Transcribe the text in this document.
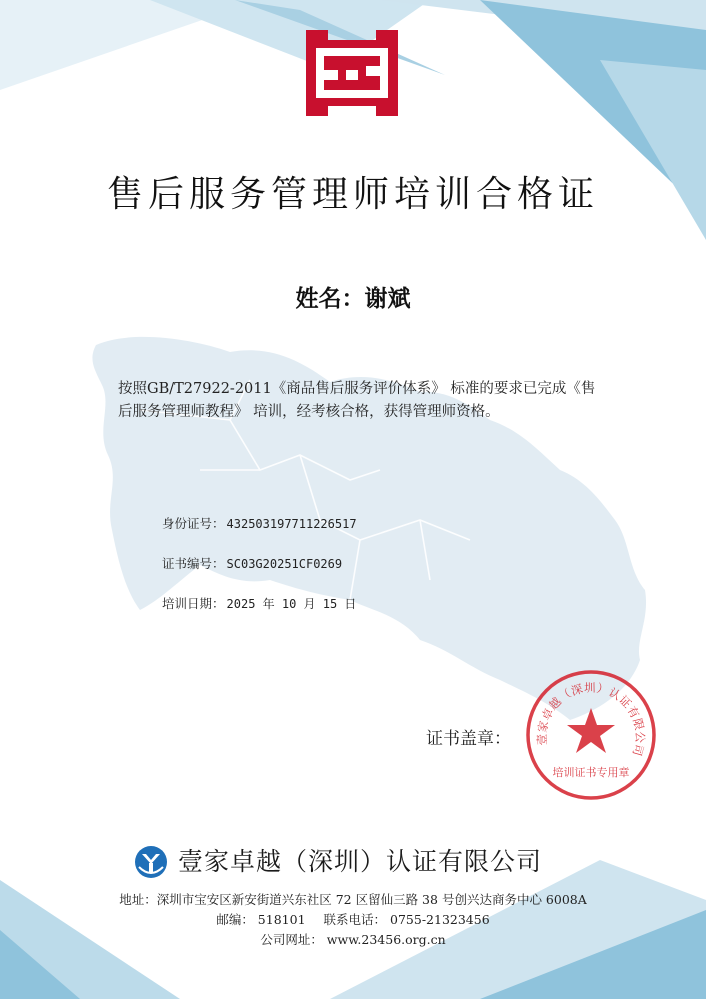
售后服务管理师培训合格证
姓名：谢斌
按照GB/T27922-2011《商品售后服务评价体系》 标准的要求已完成《售后服务管理师教程》 培训，经考核合格，获得管理师资格。
身份证号： 432503197711226517
证书编号： SC03G20251CF0269
培训日期： 2025 年 10 月 15 日
证书盖章： 壹家卓越（深圳）认证有限公司
培训证书专用章
壹家卓越（深圳）认证有限公司
地址：深圳市宝安区新安街道兴东社区 72 区留仙三路 38 号创兴达商务中心 6008A
邮编： 518101 联系电话： 0755-21323456
公司网址： www.23456.org.cn
